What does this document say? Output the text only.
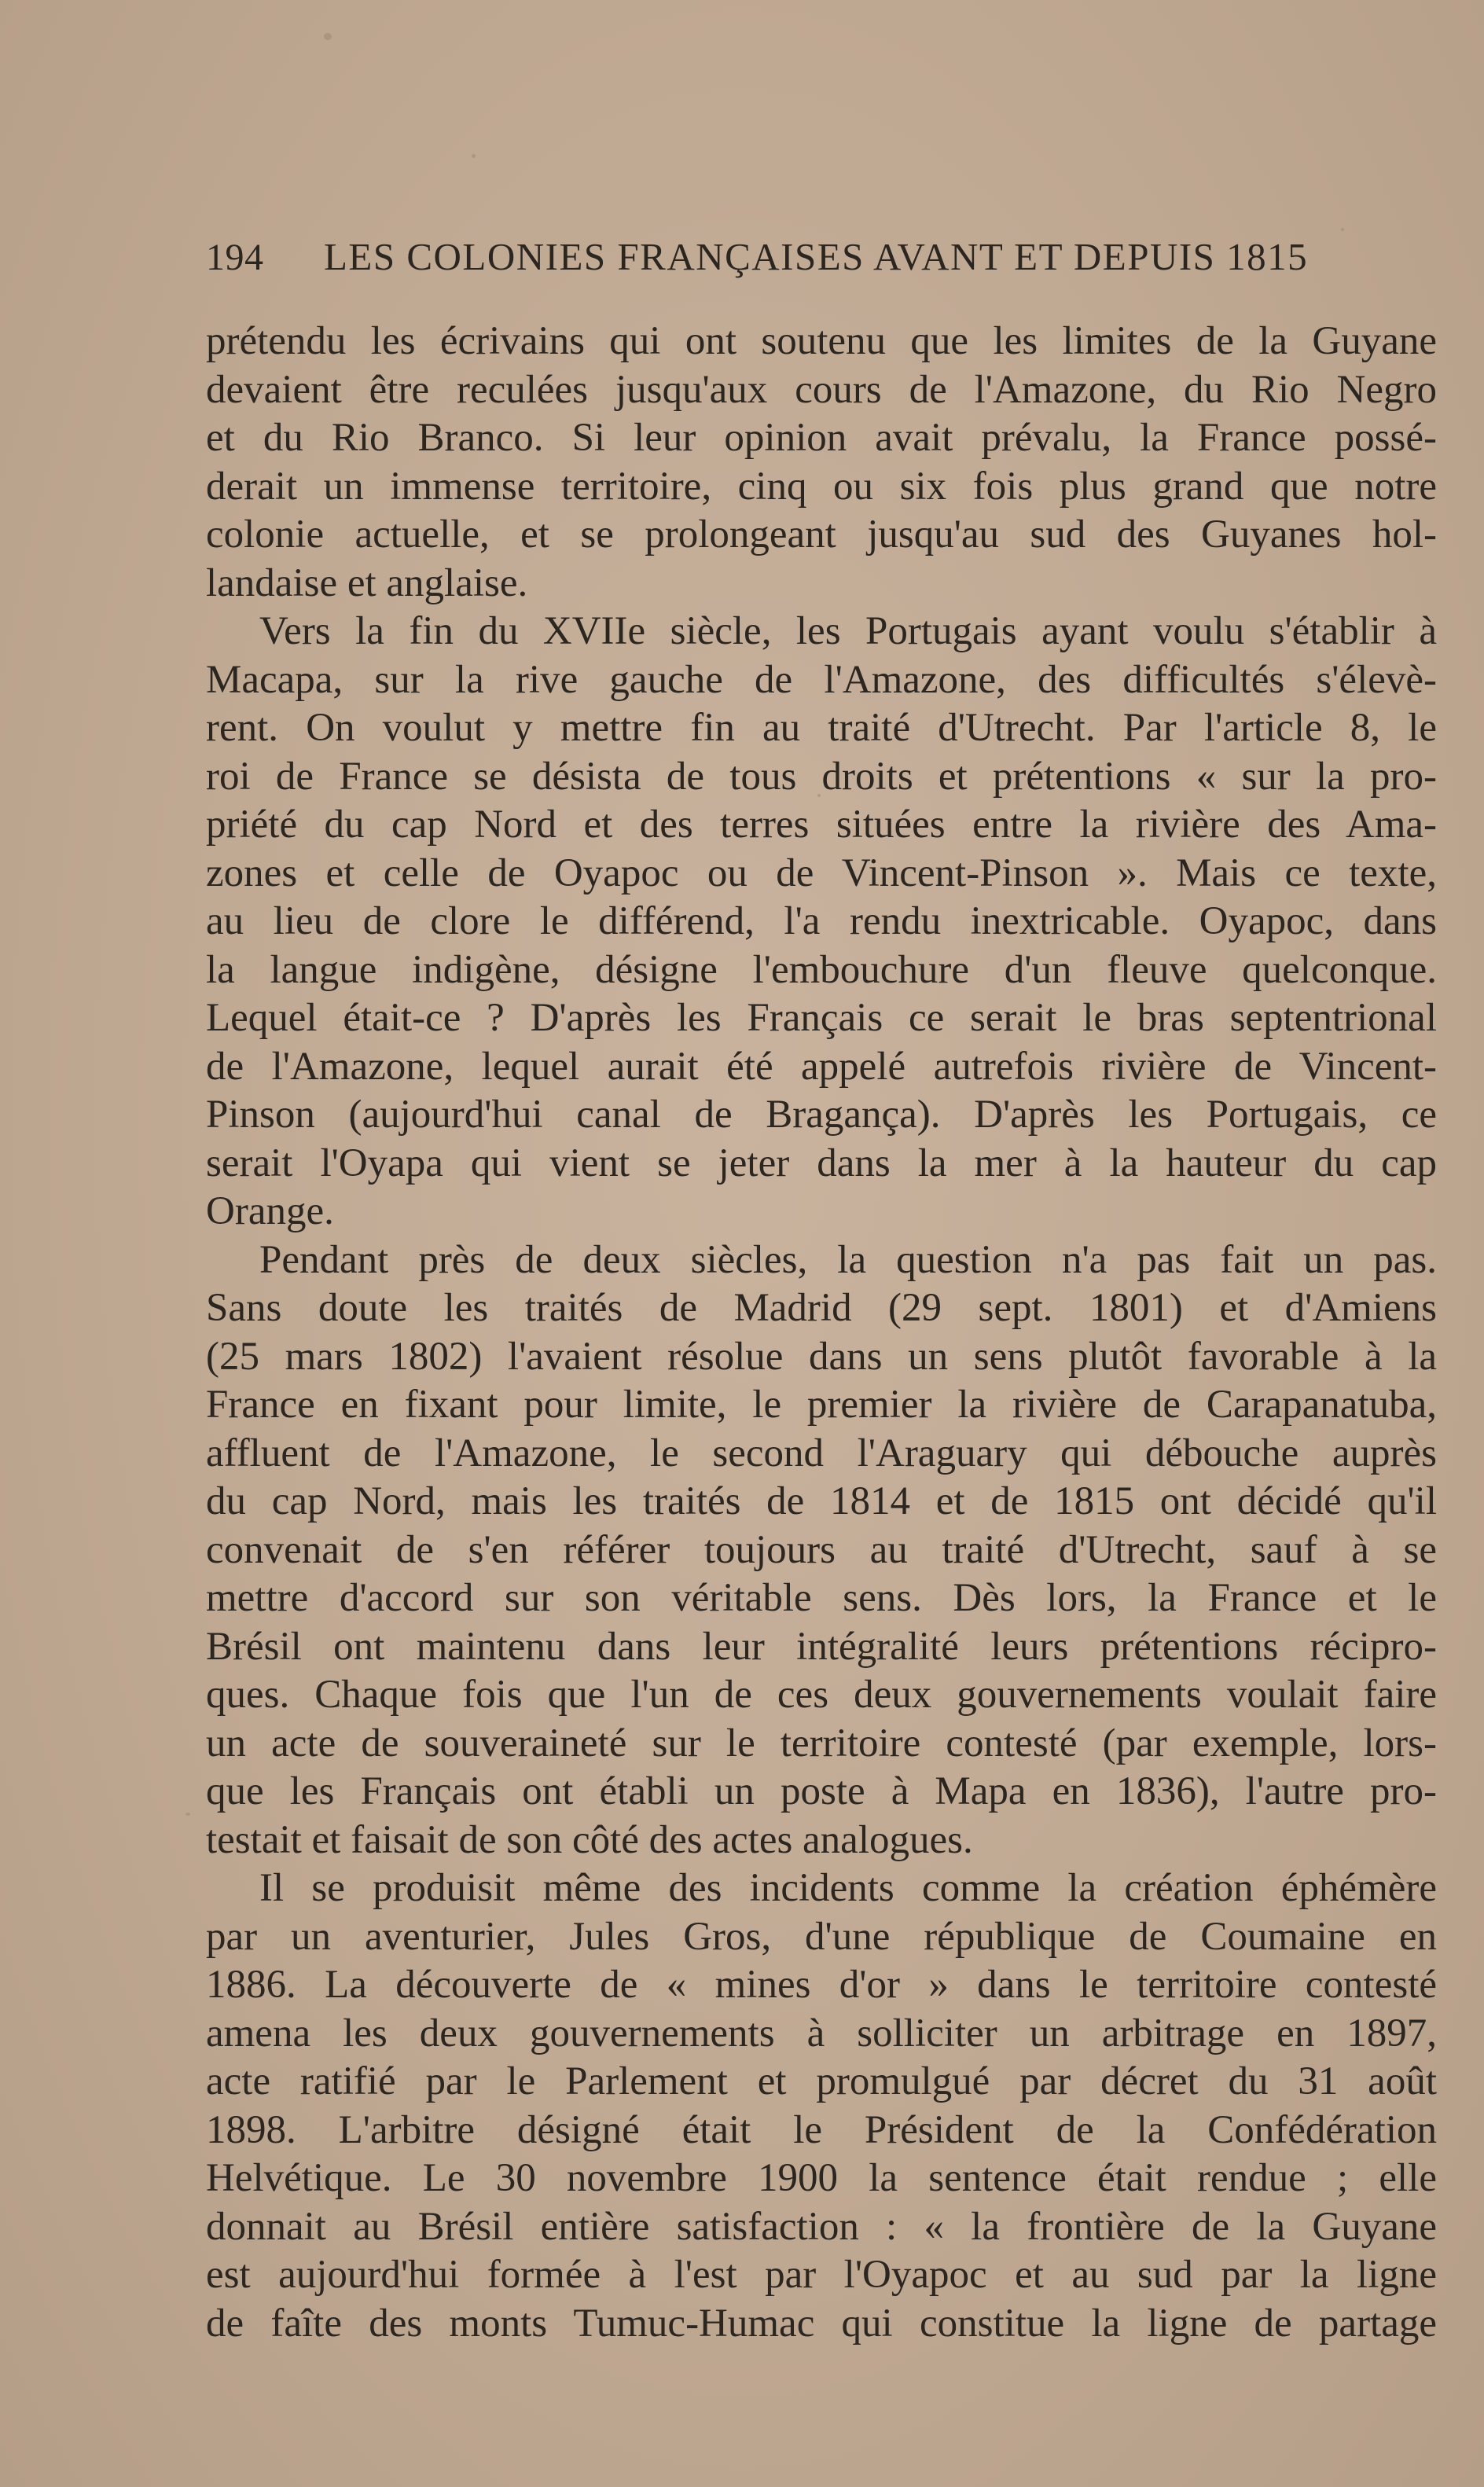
194 LES COLONIES FRANÇAISES AVANT ET DEPUIS 1815
prétendu les écrivains qui ont soutenu que les limites de la Guyane
devaient être reculées jusqu'aux cours de l'Amazone, du Rio Negro
et du Rio Branco. Si leur opinion avait prévalu, la France possé-
derait un immense territoire, cinq ou six fois plus grand que notre
colonie actuelle, et se prolongeant jusqu'au sud des Guyanes hol-
landaise et anglaise.
Vers la fin du XVIIe siècle, les Portugais ayant voulu s'établir à
Macapa, sur la rive gauche de l'Amazone, des difficultés s'élevè-
rent. On voulut y mettre fin au traité d'Utrecht. Par l'article 8, le
roi de France se désista de tous droits et prétentions « sur la pro-
priété du cap Nord et des terres situées entre la rivière des Ama-
zones et celle de Oyapoc ou de Vincent-Pinson ». Mais ce texte,
au lieu de clore le différend, l'a rendu inextricable. Oyapoc, dans
la langue indigène, désigne l'embouchure d'un fleuve quelconque.
Lequel était-ce ? D'après les Français ce serait le bras septentrional
de l'Amazone, lequel aurait été appelé autrefois rivière de Vincent-
Pinson (aujourd'hui canal de Bragança). D'après les Portugais, ce
serait l'Oyapa qui vient se jeter dans la mer à la hauteur du cap
Orange.
Pendant près de deux siècles, la question n'a pas fait un pas.
Sans doute les traités de Madrid (29 sept. 1801) et d'Amiens
(25 mars 1802) l'avaient résolue dans un sens plutôt favorable à la
France en fixant pour limite, le premier la rivière de Carapanatuba,
affluent de l'Amazone, le second l'Araguary qui débouche auprès
du cap Nord, mais les traités de 1814 et de 1815 ont décidé qu'il
convenait de s'en référer toujours au traité d'Utrecht, sauf à se
mettre d'accord sur son véritable sens. Dès lors, la France et le
Brésil ont maintenu dans leur intégralité leurs prétentions récipro-
ques. Chaque fois que l'un de ces deux gouvernements voulait faire
un acte de souveraineté sur le territoire contesté (par exemple, lors-
que les Français ont établi un poste à Mapa en 1836), l'autre pro-
testait et faisait de son côté des actes analogues.
Il se produisit même des incidents comme la création éphémère
par un aventurier, Jules Gros, d'une république de Coumaine en
1886. La découverte de « mines d'or » dans le territoire contesté
amena les deux gouvernements à solliciter un arbitrage en 1897,
acte ratifié par le Parlement et promulgué par décret du 31 août
1898. L'arbitre désigné était le Président de la Confédération
Helvétique. Le 30 novembre 1900 la sentence était rendue ; elle
donnait au Brésil entière satisfaction : « la frontière de la Guyane
est aujourd'hui formée à l'est par l'Oyapoc et au sud par la ligne
de faîte des monts Tumuc-Humac qui constitue la ligne de partage
